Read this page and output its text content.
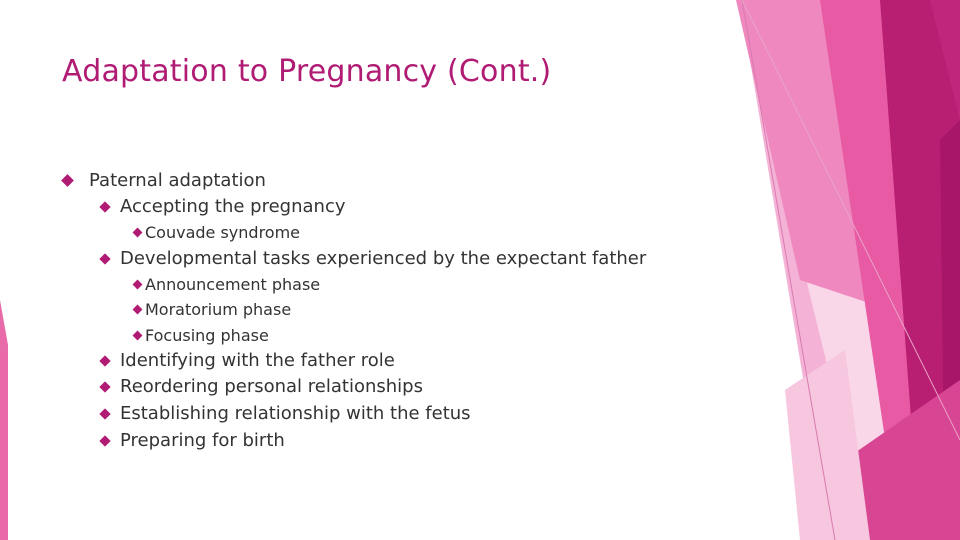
Adaptation to Pregnancy (Cont.)
Paternal adaptation
Accepting the pregnancy
Couvade syndrome
Developmental tasks experienced by the expectant father
Announcement phase
Moratorium phase
Focusing phase
Identifying with the father role
Reordering personal relationships
Establishing relationship with the fetus
Preparing for birth
